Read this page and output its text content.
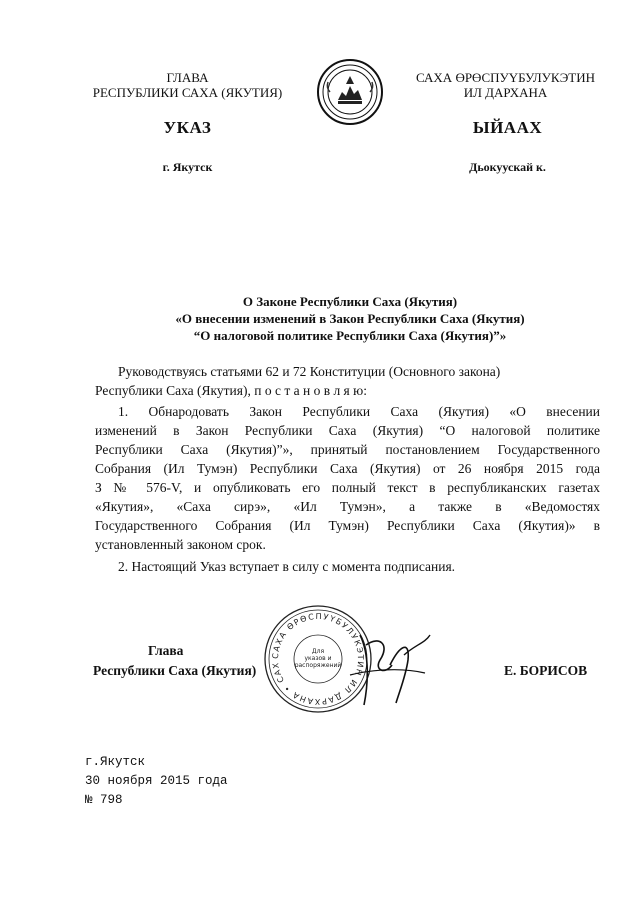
ГЛАВА
РЕСПУБЛИКИ САХА (ЯКУТИЯ)
САХА ӨРӨСПУҮБУЛУКЭТИН
ИЛ ДАРХАНА
УКАЗ	ЫЙААХ
г. Якутск	Дьокуускай к.
О Законе Республики Саха (Якутия)
«О внесении изменений в Закон Республики Саха (Якутия)
“О налоговой политике Республики Саха (Якутия)”»
Руководствуясь статьями 62 и 72 Конституции (Основного закона)
Республики Саха (Якутия), п о с т а н о в л я ю:
1. Обнародовать Закон Республики Саха (Якутия) «О внесении
изменений в Закон Республики Саха (Якутия) “О налоговой политике
Республики Саха (Якутия)”», принятый постановлением Государственного
Собрания (Ил Тумэн) Республики Саха (Якутия) от 26 ноября 2015 года
З № 576-V, и опубликовать его полный текст в республиканских газетах
«Якутия», «Саха сирэ», «Ил Тумэн», а также в «Ведомостях
Государственного Собрания (Ил Тумэн) Республики Саха (Якутия)» в
установленный законом срок.
2. Настоящий Указ вступает в силу с момента подписания.
Глава
Республики Саха (Якутия)	Е. БОРИСОВ
САХА ӨРӨСПУҮБУЛУКЭТИН ИЛ ДАРХАНА • САХ
Для
указов и
распоряжений
г.Якутск
30 ноября 2015 года
№ 798
